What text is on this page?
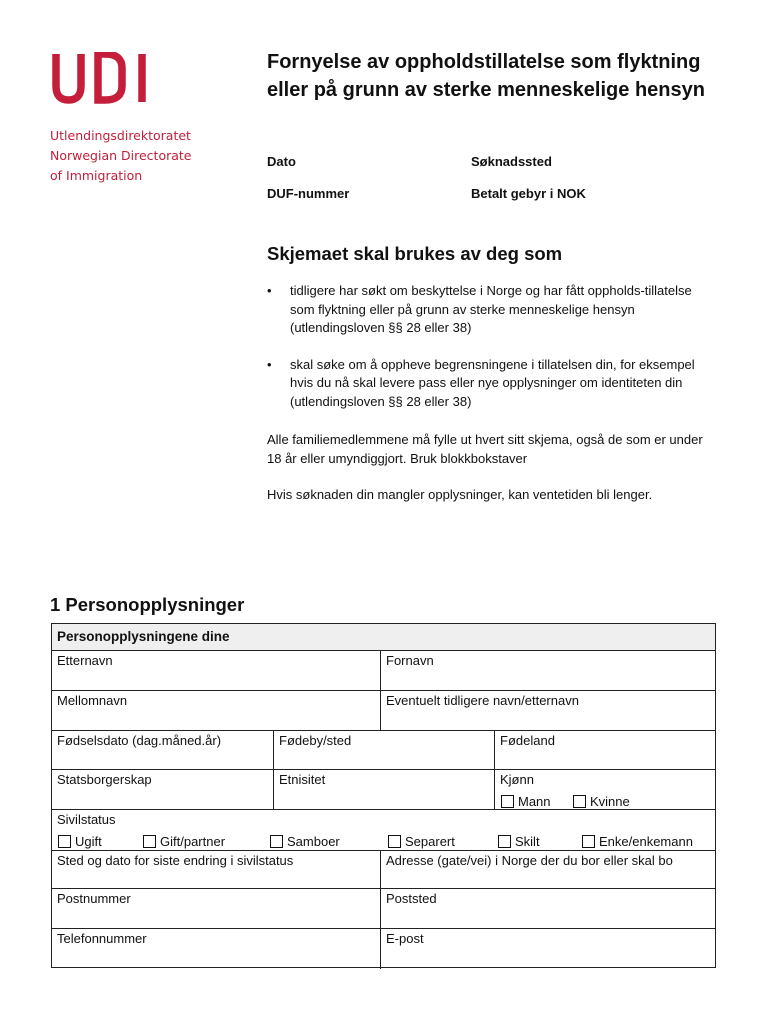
Utlendingsdirektoratet
Norwegian Directorate
of Immigration
Fornyelse av oppholdstillatelse som flyktning eller på grunn av sterke menneskelige hensyn
Dato	Søknadssted
DUF-nummer	Betalt gebyr i NOK
Skjemaet skal brukes av deg som
• tidligere har søkt om beskyttelse i Norge og har fått oppholds-tillatelse som flyktning eller på grunn av sterke menneskelige hensyn (utlendingsloven §§ 28 eller 38)
• skal søke om å oppheve begrensningene i tillatelsen din, for eksempel hvis du nå skal levere pass eller nye opplysninger om identiteten din (utlendingsloven §§ 28 eller 38)
Alle familiemedlemmene må fylle ut hvert sitt skjema, også de som er under 18 år eller umyndiggjort. Bruk blokkbokstaver
Hvis søknaden din mangler opplysninger, kan ventetiden bli lenger.
1 Personopplysninger
Personopplysningene dine
Etternavn	Fornavn
Mellomnavn	Eventuelt tidligere navn/etternavn
Fødselsdato (dag.måned.år)	Fødeby/sted	Fødeland
Statsborgerskap	Etnisitet	Kjønn
Mann	Kvinne
Sivilstatus
Ugift	Gift/partner	Samboer	Separert	Skilt	Enke/enkemann
Sted og dato for siste endring i sivilstatus	Adresse (gate/vei) i Norge der du bor eller skal bo
Postnummer	Poststed
Telefonnummer	E-post
